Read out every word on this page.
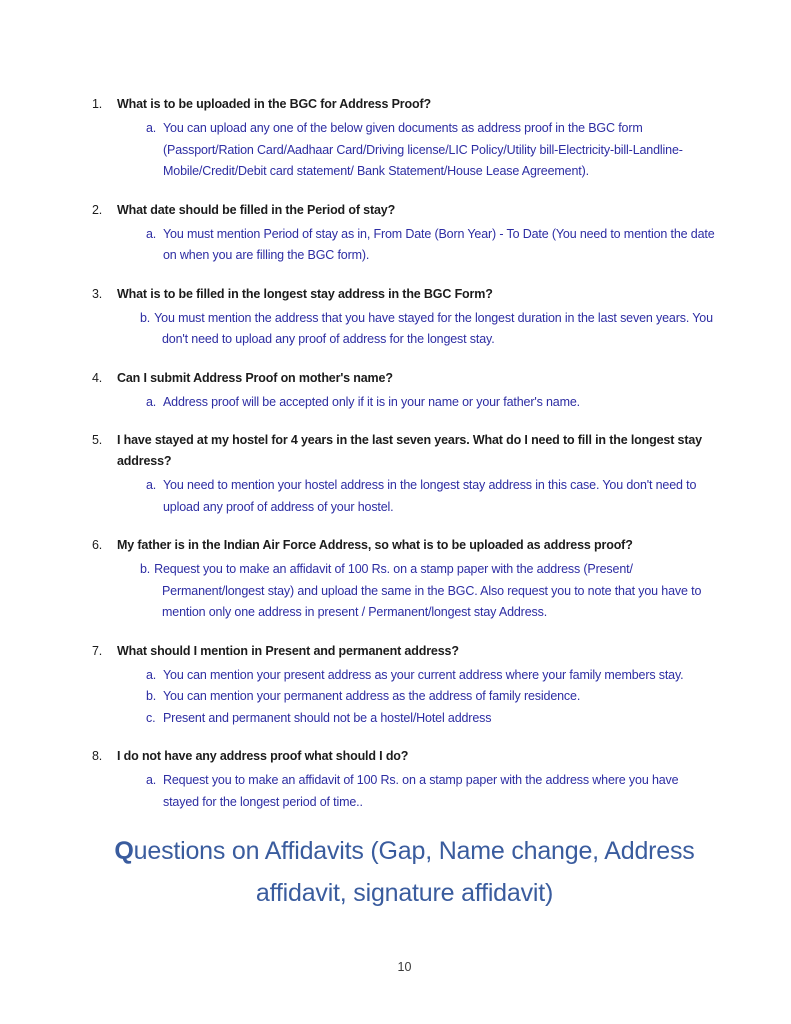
1.	What is to be uploaded in the BGC for Address Proof?
a. You can upload any one of the below given documents as address proof in the BGC form (Passport/Ration Card/Aadhaar Card/Driving license/LIC Policy/Utility bill-Electricity-bill-Landline-Mobile/Credit/Debit card statement/ Bank Statement/House Lease Agreement).
2.	What date should be filled in the Period of stay?
a. You must mention Period of stay as in, From Date (Born Year) - To Date (You need to mention the date on when you are filling the BGC form).
3.	What is to be filled in the longest stay address in the BGC Form?
b. You must mention the address that you have stayed for the longest duration in the last seven years. You don't need to upload any proof of address for the longest stay.
4.	Can I submit Address Proof on mother's name?
a. Address proof will be accepted only if it is in your name or your father's name.
5.	I have stayed at my hostel for 4 years in the last seven years. What do I need to fill in the longest stay address?
a. You need to mention your hostel address in the longest stay address in this case. You don't need to upload any proof of address of your hostel.
6.	My father is in the Indian Air Force Address, so what is to be uploaded as address proof?
b. Request you to make an affidavit of 100 Rs. on a stamp paper with the address (Present/ Permanent/longest stay) and upload the same in the BGC. Also request you to note that you have to mention only one address in present / Permanent/longest stay Address.
7.	What should I mention in Present and permanent address?
a. You can mention your present address as your current address where your family members stay.
b. You can mention your permanent address as the address of family residence.
c. Present and permanent should not be a hostel/Hotel address
8.	I do not have any address proof what should I do?
a. Request you to make an affidavit of 100 Rs. on a stamp paper with the address where you have stayed for the longest period of time..
Questions on Affidavits (Gap, Name change, Address
affidavit, signature affidavit)
10
